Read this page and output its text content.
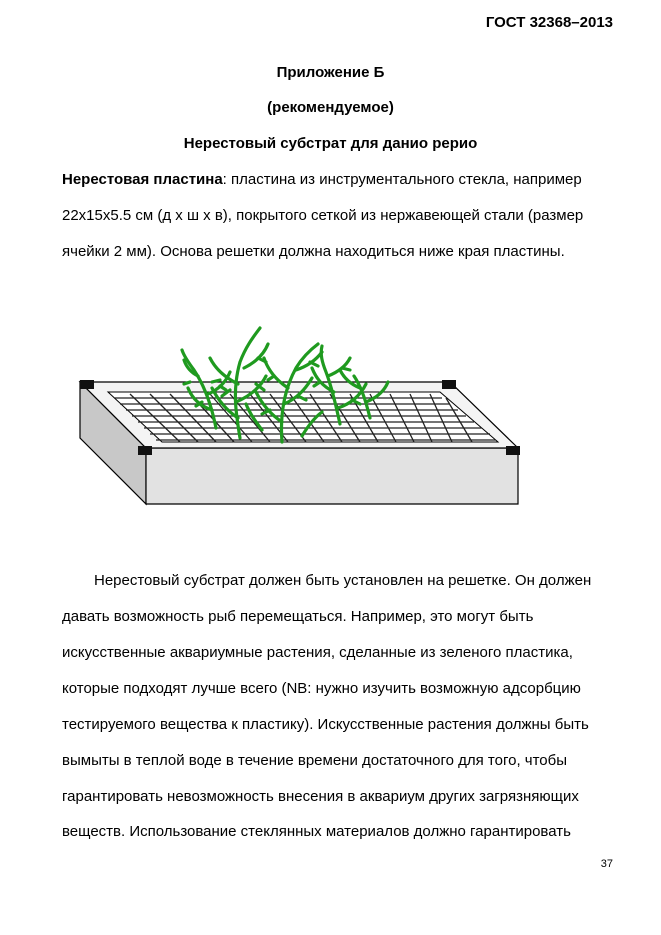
ГОСТ 32368–2013
Приложение Б
(рекомендуемое)
Нерестовый субстрат для данио рерио
Нерестовая пластина: пластина из инструментального стекла, например
22x15x5.5 см (д х ш х в), покрытого сеткой из нержавеющей стали (размер
ячейки 2 мм). Основа решетки должна находиться ниже края пластины.
Нерестовый субстрат должен быть установлен на решетке. Он должен
давать возможность рыб перемещаться. Например, это могут быть
искусственные аквариумные растения, сделанные из зеленого пластика,
которые подходят лучше всего (NB: нужно изучить возможную адсорбцию
тестируемого вещества к пластику). Искусственные растения должны быть
вымыты в теплой воде в течение времени достаточного для того, чтобы
гарантировать невозможность внесения в аквариум других загрязняющих
веществ. Использование стеклянных материалов должно гарантировать
37
